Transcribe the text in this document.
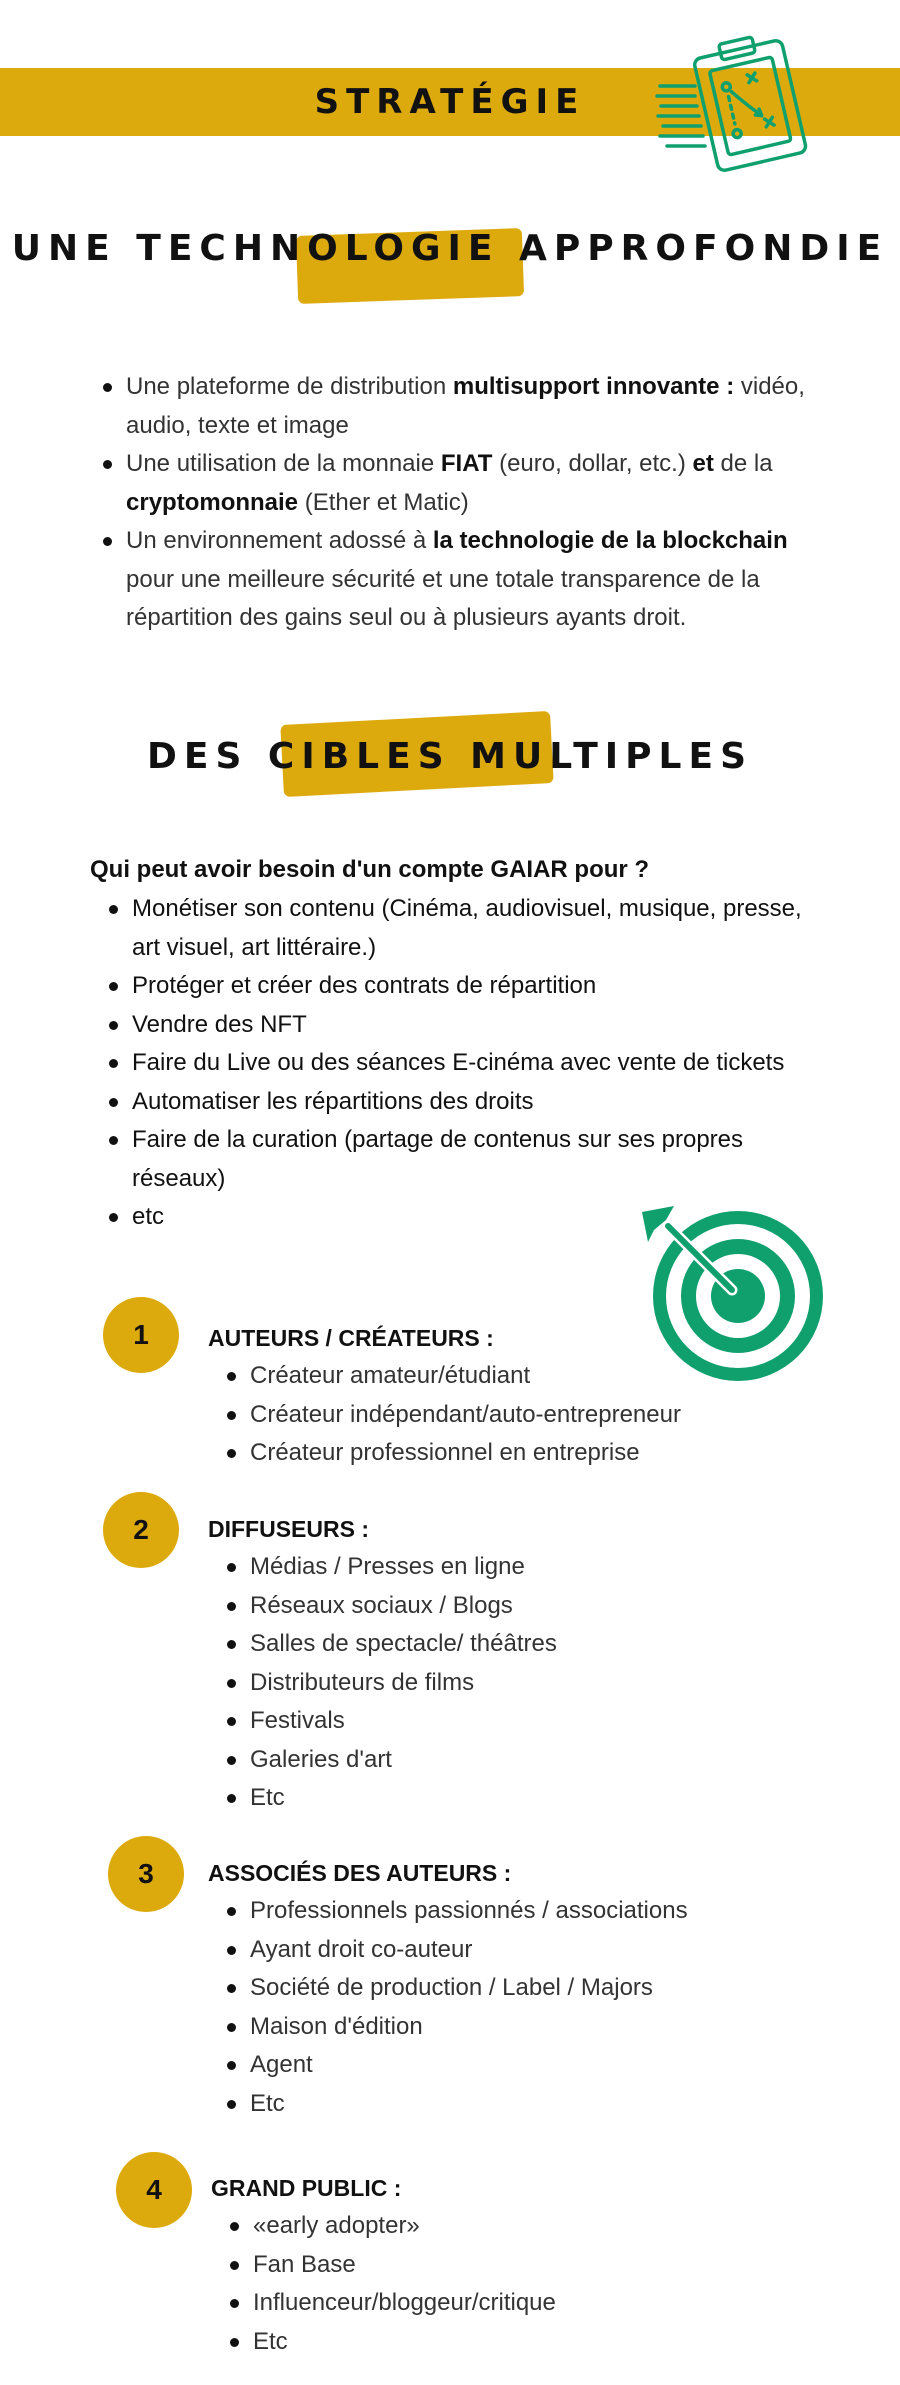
STRATÉGIE
UNE TECHNOLOGIE APPROFONDIE
Une plateforme de distribution multisupport innovante : vidéo, audio, texte et image
Une utilisation de la monnaie FIAT (euro, dollar, etc.) et de la cryptomonnaie (Ether et Matic)
Un environnement adossé à la technologie de la blockchain pour une meilleure sécurité et une totale transparence de la répartition des gains seul ou à plusieurs ayants droit.
DES CIBLES MULTIPLES
Qui peut avoir besoin d'un compte GAIAR pour ?
Monétiser son contenu (Cinéma, audiovisuel, musique, presse, art visuel, art littéraire.)
Protéger et créer des contrats de répartition
Vendre des NFT
Faire du Live ou des séances E-cinéma avec vente de tickets
Automatiser les répartitions des droits
Faire de la curation (partage de contenus sur ses propres réseaux)
etc
1	AUTEURS / CRÉATEURS :
Créateur amateur/étudiant
Créateur indépendant/auto-entrepreneur
Créateur professionnel en entreprise
2	DIFFUSEURS :
Médias / Presses en ligne
Réseaux sociaux / Blogs
Salles de spectacle/ théâtres
Distributeurs de films
Festivals
Galeries d'art
Etc
3	ASSOCIÉS DES AUTEURS :
Professionnels passionnés / associations
Ayant droit co-auteur
Société de production / Label / Majors
Maison d'édition
Agent
Etc
4	GRAND PUBLIC :
«early adopter»
Fan Base
Influenceur/bloggeur/critique
Etc
